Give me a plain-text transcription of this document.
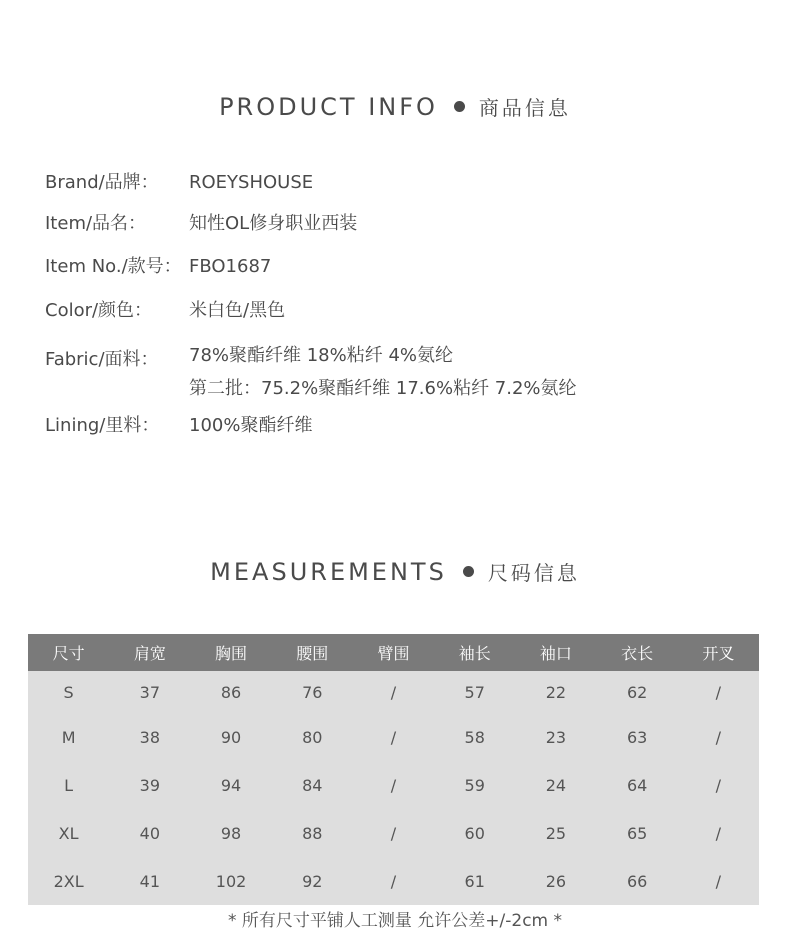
PRODUCT INFO 商品信息
Brand/品牌： ROEYSHOUSE
Item/品名： 知性OL修身职业西装
Item No./款号： FBO1687
Color/颜色： 米白色/黑色
Fabric/面料： 78%聚酯纤维 18%粘纤 4%氨纶
第二批：75.2%聚酯纤维 17.6%粘纤 7.2%氨纶
Lining/里料： 100%聚酯纤维
MEASUREMENTS 尺码信息
尺寸	肩宽	胸围	腰围	臂围	袖长	袖口	衣长	开叉
S	37	86	76	/	57	22	62	/
M	38	90	80	/	58	23	63	/
L	39	94	84	/	59	24	64	/
XL	40	98	88	/	60	25	65	/
2XL	41	102	92	/	61	26	66	/
* 所有尺寸平铺人工测量 允许公差+/-2cm *
